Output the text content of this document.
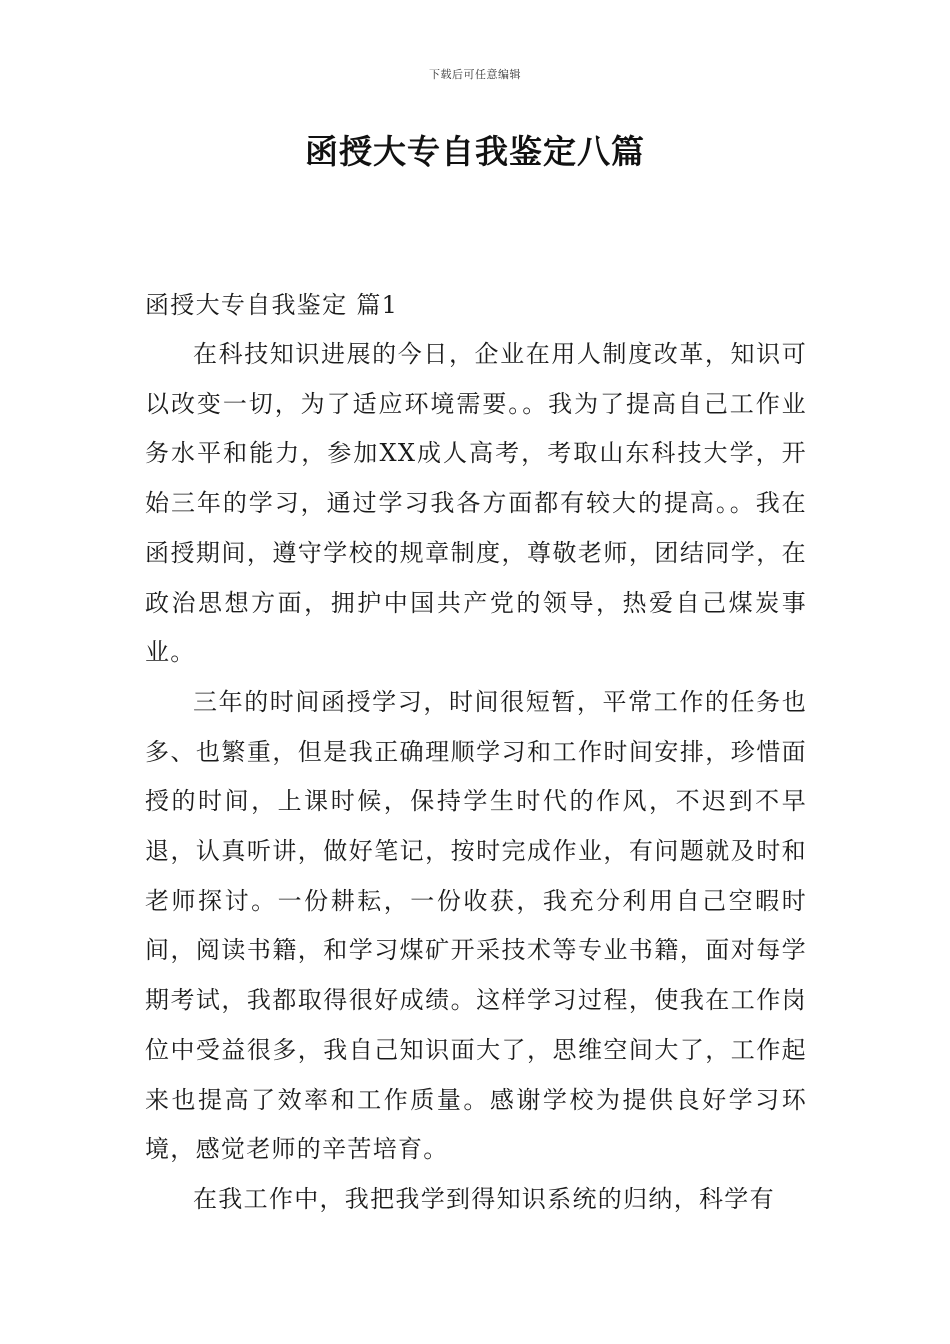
下载后可任意编辑
函授大专自我鉴定八篇
函授大专自我鉴定 篇1

在科技知识进展的今日，企业在用人制度改革，知识可以改变一切，为了适应环境需要。。我为了提高自己工作业务水平和能力，参加XX成人高考，考取山东科技大学，开始三年的学习，通过学习我各方面都有较大的提高。。我在函授期间，遵守学校的规章制度，尊敬老师，团结同学，在政治思想方面，拥护中国共产党的领导，热爱自己煤炭事业。

三年的时间函授学习，时间很短暂，平常工作的任务也多、也繁重，但是我正确理顺学习和工作时间安排，珍惜面授的时间，上课时候，保持学生时代的作风，不迟到不早退，认真听讲，做好笔记，按时完成作业，有问题就及时和老师探讨。一份耕耘，一份收获，我充分利用自己空暇时间，阅读书籍，和学习煤矿开采技术等专业书籍，面对每学期考试，我都取得很好成绩。这样学习过程，使我在工作岗位中受益很多，我自己知识面大了，思维空间大了，工作起来也提高了效率和工作质量。感谢学校为提供良好学习环境，感觉老师的辛苦培育。

在我工作中，我把我学到得知识系统的归纳，科学有
